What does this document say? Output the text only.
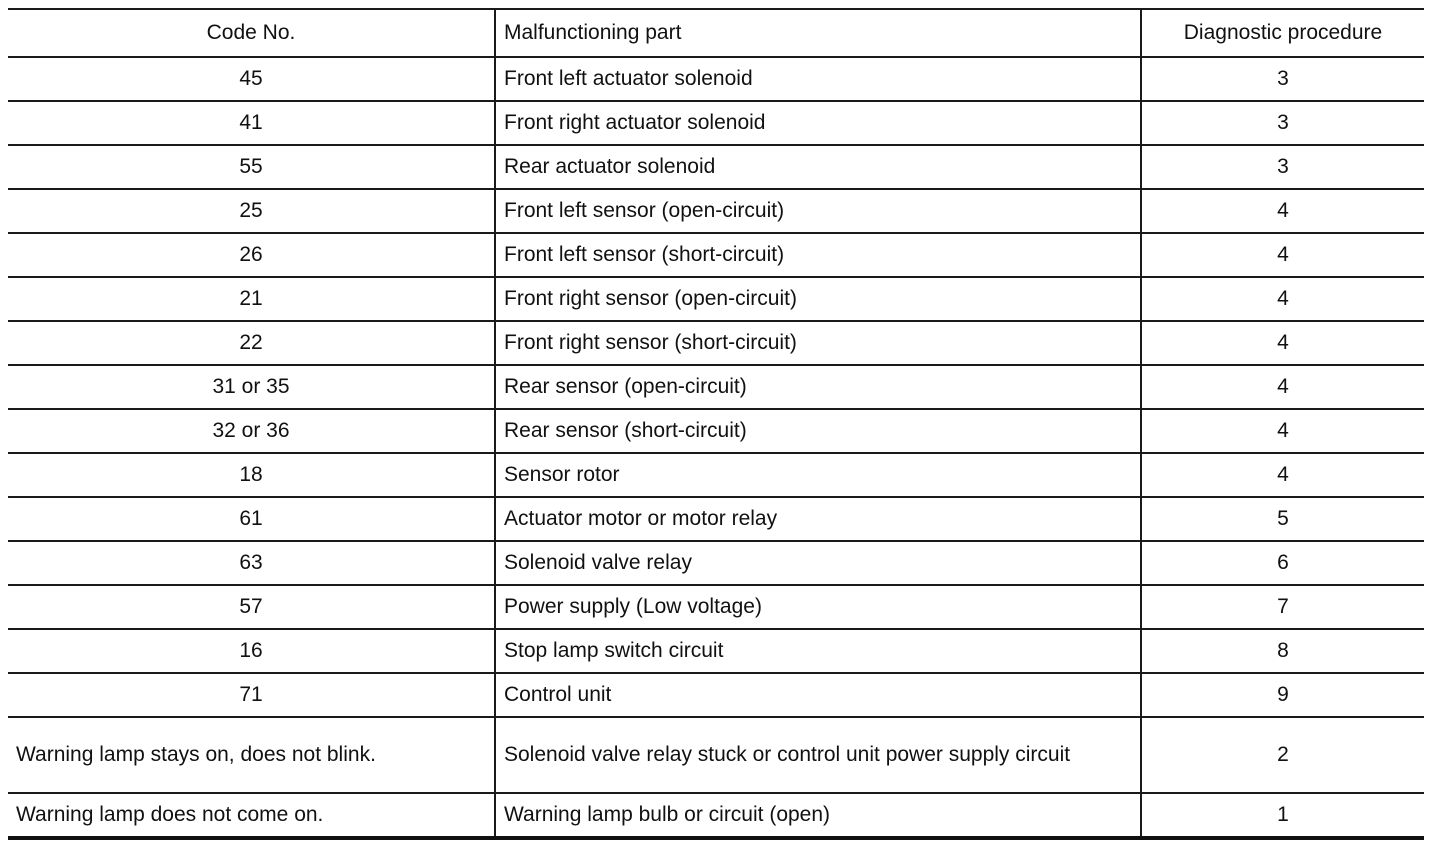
Code No.	Malfunctioning part	Diagnostic procedure
45	Front left actuator solenoid	3
41	Front right actuator solenoid	3
55	Rear actuator solenoid	3
25	Front left sensor (open-circuit)	4
26	Front left sensor (short-circuit)	4
21	Front right sensor (open-circuit)	4
22	Front right sensor (short-circuit)	4
31 or 35	Rear sensor (open-circuit)	4
32 or 36	Rear sensor (short-circuit)	4
18	Sensor rotor	4
61	Actuator motor or motor relay	5
63	Solenoid valve relay	6
57	Power supply (Low voltage)	7
16	Stop lamp switch circuit	8
71	Control unit	9
Warning lamp stays on, does not blink.	Solenoid valve relay stuck or control unit power supply circuit	2
Warning lamp does not come on.	Warning lamp bulb or circuit (open)	1
